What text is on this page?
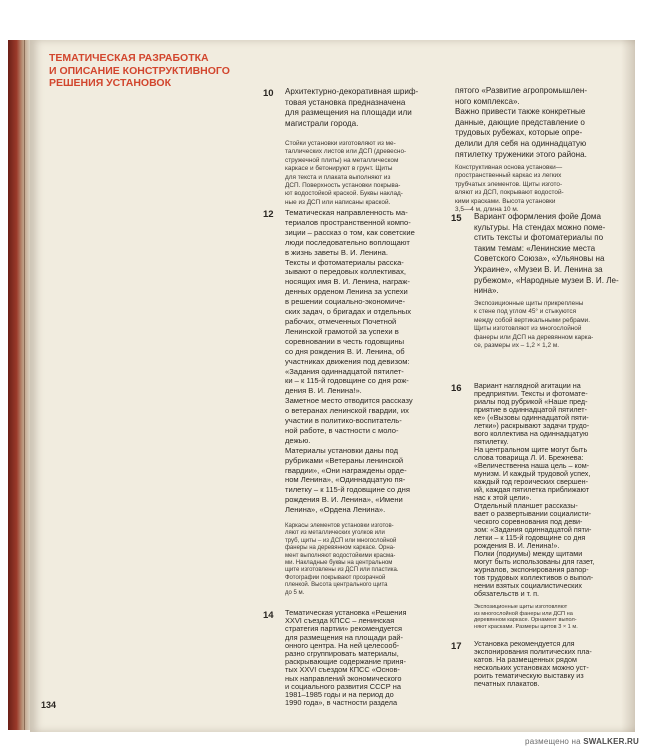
ТЕМАТИЧЕСКАЯ РАЗРАБОТКА
И ОПИСАНИЕ КОНСТРУКТИВНОГО
РЕШЕНИЯ УСТАНОВОК
10 Архитектурно-декоративная шриф-

товая установка предназначена

для размещения на площади или

магистрали города.

Стойки установки изготовляют из ме-

таллических листов или ДСП (древесно-

стружечной плиты) на металлическом

каркасе и бетонируют в грунт. Щиты

для текста и плаката выполняют из

ДСП. Поверхность установки покрыва-

ют водостойкой краской. Буквы наклад-

ные из ДСП или написаны краской.

пятого «Развитие агропромышлен-

ного комплекса».

Важно привести также конкретные

данные, дающие представление о

трудовых рубежах, которые опре-

делили для себя на одиннадцатую

пятилетку труженики этого района.

Конструктивная основа установки—

пространственный каркас из легких

трубчатых элементов. Щиты изгото-

вляют из ДСП, покрывают водостой-

кими красками. Высота установки

3,5—4 м, длина 10 м.

12 Тематическая направленность ма-

териалов пространственной компо-

зиции – рассказ о том, как советские

люди последовательно воплощают

в жизнь заветы В. И. Ленина.

Тексты и фотоматериалы расска-

зывают о передовых коллективах,

носящих имя В. И. Ленина, награж-

денных орденом Ленина за успехи

в решении социально-экономиче-

ских задач, о бригадах и отдельных

рабочих, отмеченных Почетной

Ленинской грамотой за успехи в

соревновании в честь годовщины

со дня рождения В. И. Ленина, об

участниках движения под девизом:

«Задания одиннадцатой пятилет-

ки – к 115-й годовщине со дня рож-

дения В. И. Ленина!».

Заметное место отводится рассказу

о ветеранах ленинской гвардии, их

участии в политико-воспитатель-

ной работе, в частности с моло-

дежью.

Материалы установки даны под

рубриками «Ветераны ленинской

гвардии», «Они награждены орде-

ном Ленина», «Одиннадцатую пя-

тилетку – к 115-й годовщине со дня

рождения В. И. Ленина», «Имени

Ленина», «Ордена Ленина».

Каркасы элементов установки изготов-

ляют из металлических уголков или

труб, щиты – из ДСП или многослойной

фанеры на деревянном каркасе. Орна-

мент выполняют водостойкими красма-

ми. Накладные буквы на центральном

щите изготовлены из ДСП или пластика.

Фотографии покрывают прозрачной

пленкой. Высота центрального щита

до 5 м.

14 Тематическая установка «Решения

XXVI съезда КПСС – ленинская

стратегия партии» рекомендуется

для размещения на площади рай-

онного центра. На ней целесооб-

разно сгруппировать материалы,

раскрывающие содержание приня-

тых XXVI съездом КПСС «Основ-

ных направлений экономического

и социального развития СССР на

1981–1985 годы и на период до

1990 года», в частности раздела

15 Вариант оформления фойе Дома

культуры. На стендах можно поме-

стить тексты и фотоматериалы по

таким темам: «Ленинские места

Советского Союза», «Ульяновы на

Украине», «Музеи В. И. Ленина за

рубежом», «Народные музеи В. И. Ле-

нина».

Экспозиционные щиты прикреплены

к стене под углом 45° и стыкуются

между собой вертикальными ребрами.

Щиты изготовляют из многослойной

фанеры или ДСП на деревянном карка-

се, размеры их – 1,2 × 1,2 м.

16 Вариант наглядной агитации на

предприятии. Тексты и фотомате-

риалы под рубрикой «Наше пред-

приятие в одиннадцатой пятилет-

ке» («Вызовы одиннадцатой пяти-

летки») раскрывают задачи трудо-

вого коллектива на одиннадцатую

пятилетку.

На центральном щите могут быть

слова товарища Л. И. Брежнева:

«Величественна наша цель – ком-

мунизм. И каждый трудовой успех,

каждый год героических свершен-

ий, каждая пятилетка приближают

нас к этой цели».

Отдельный планшет рассказы-

вает о развертывании социалисти-

ческого соревнования под деви-

зом: «Задания одиннадцатой пяти-

летки – к 115-й годовщине со дня

рождения В. И. Ленина!».

Полки (подиумы) между щитами

могут быть использованы для газет,

журналов, экспонирования рапор-

тов трудовых коллективов о выпол-

нении взятых социалистических

обязательств и т. п.

Экспозиционные щиты изготовляют

из многослойной фанеры или ДСП на

деревянном каркасе. Орнамент выпол-

няют красками. Размеры щитов 3 × 1 м.

17 Установка рекомендуется для

экспонирования политических пла-

катов. На размещенных рядом

нескольких установках можно уст-

роить тематическую выставку из

печатных плакатов.

134
размещено на SWALKER.RU
